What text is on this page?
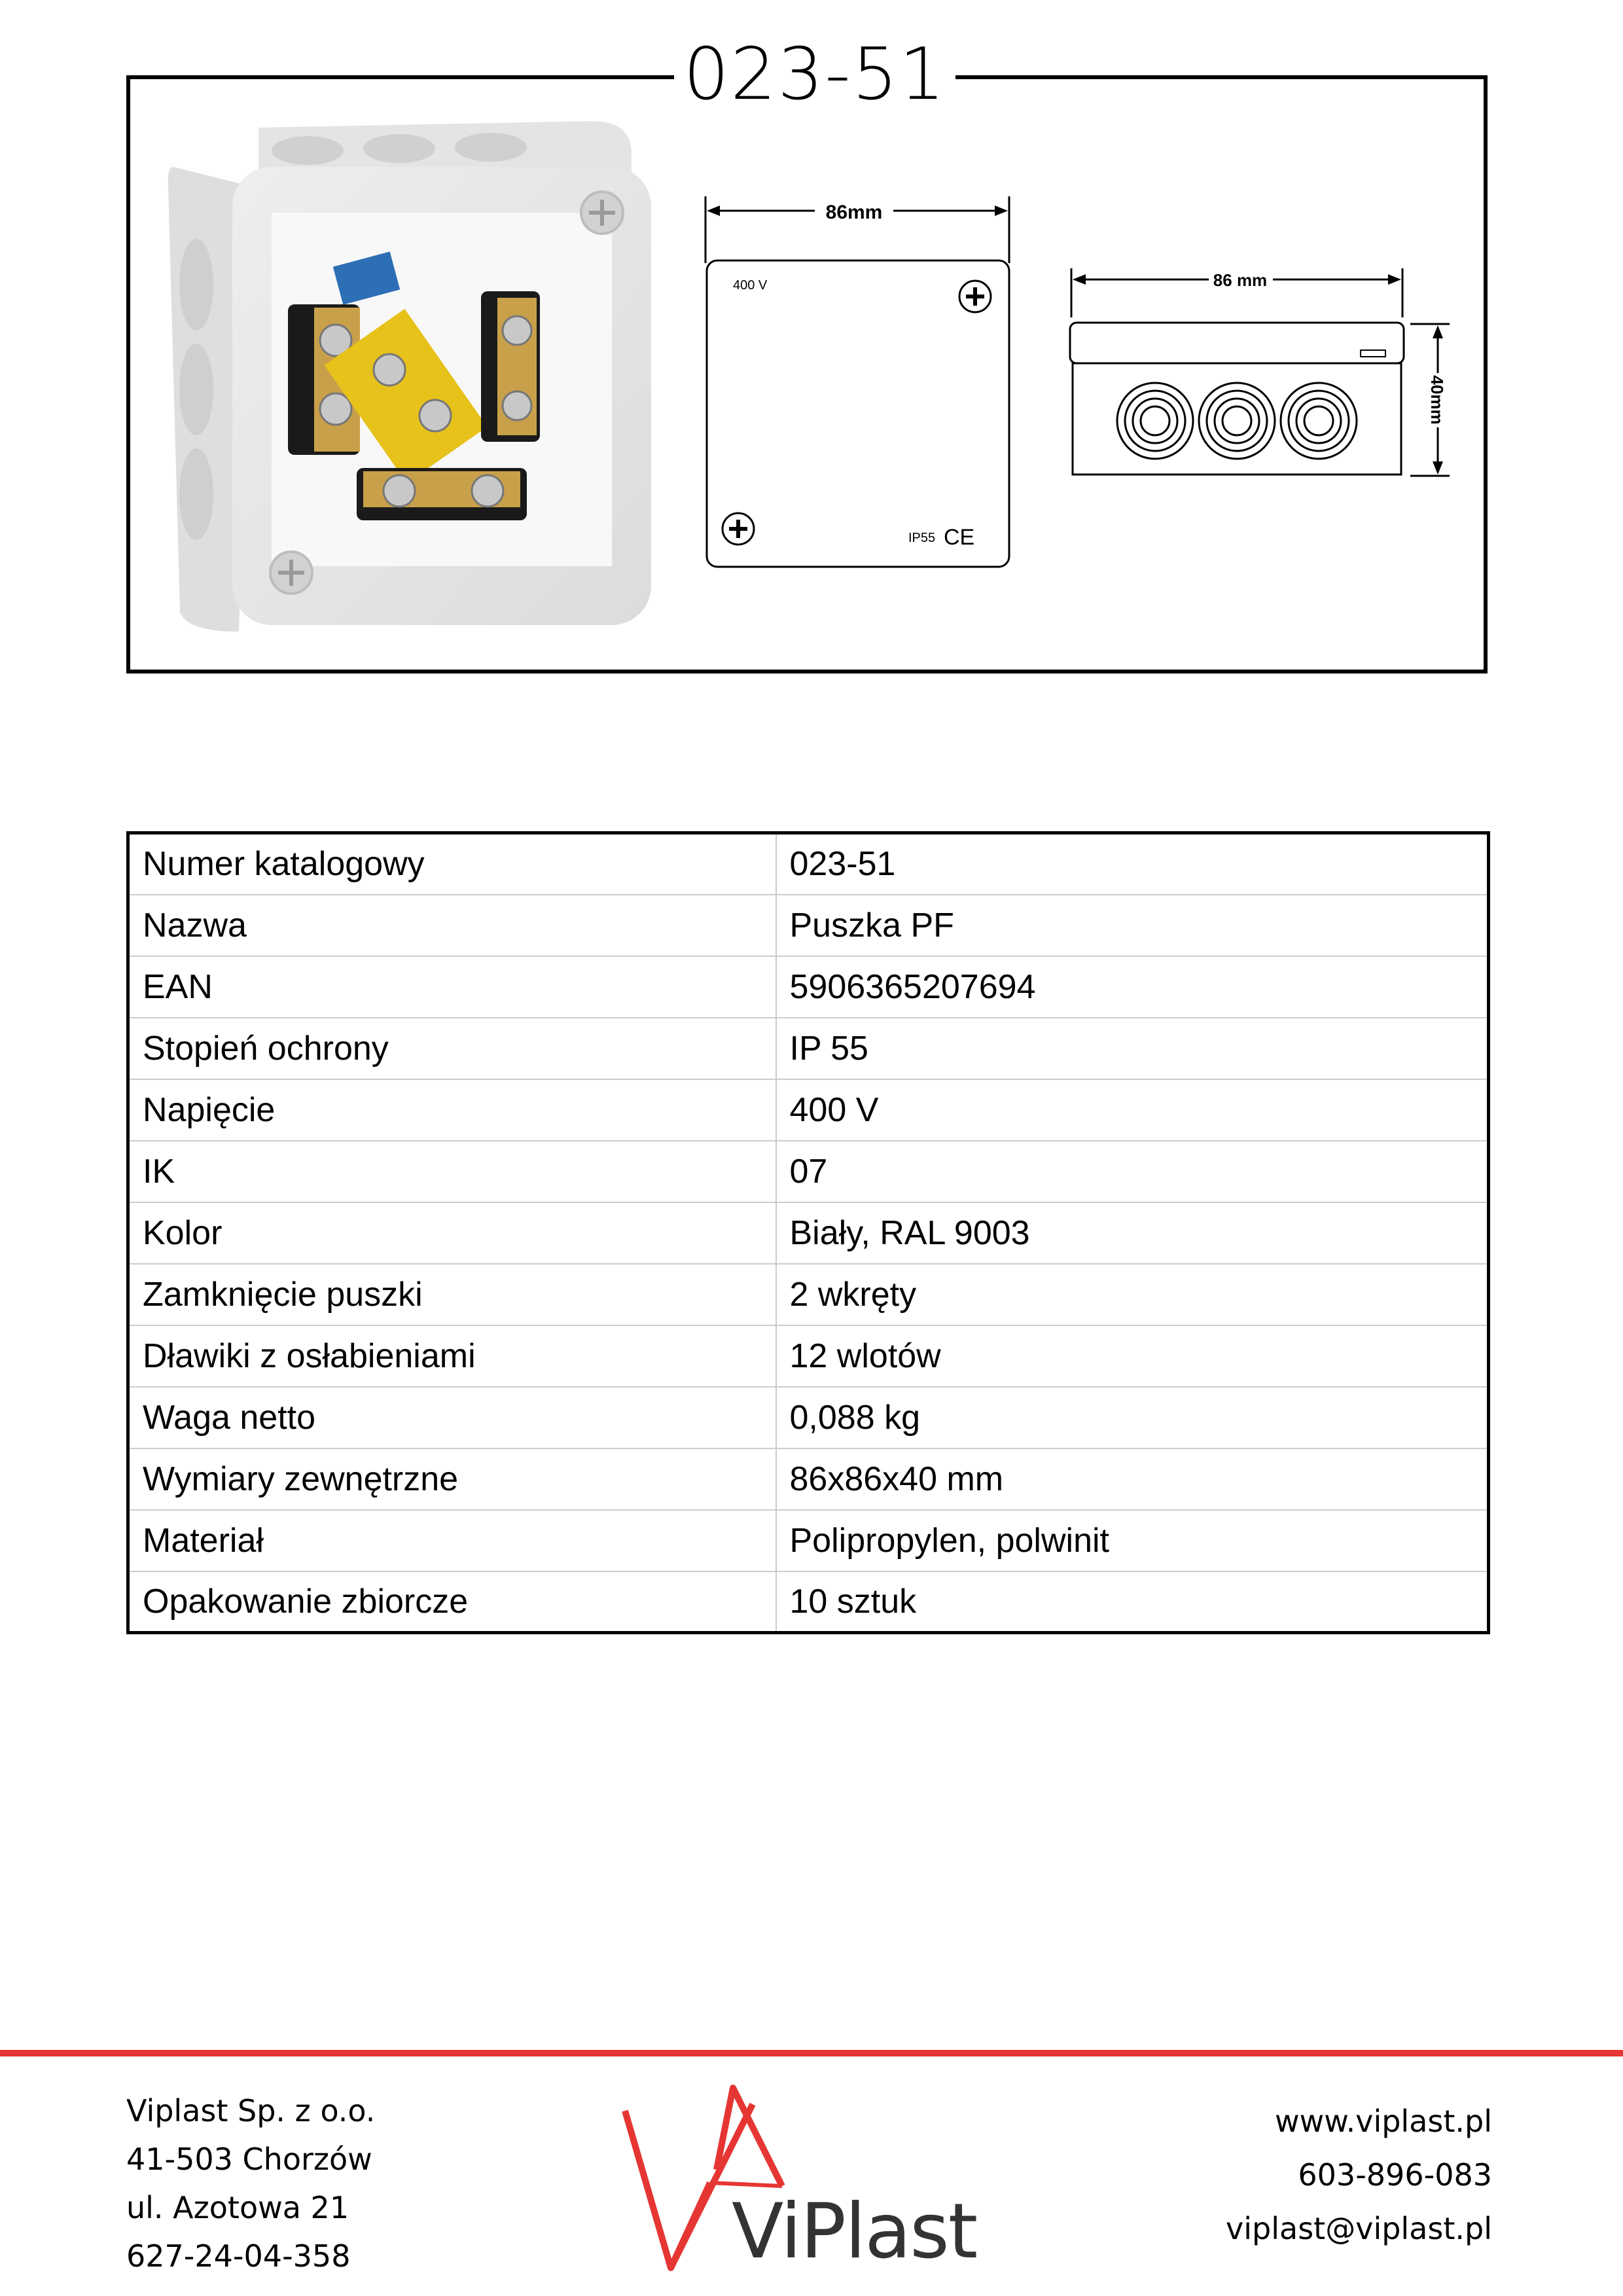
023-51
86mm
400 V
IP55 CE
86 mm
40mm
Numer katalogowy	023-51
Nazwa	Puszka PF
EAN	5906365207694
Stopień ochrony	IP 55
Napięcie	400 V
IK	07
Kolor	Biały, RAL 9003
Zamknięcie puszki	2 wkręty
Dławiki z osłabieniami	12 wlotów
Waga netto	0,088 kg
Wymiary zewnętrzne	86x86x40 mm
Materiał	Polipropylen, polwinit
Opakowanie zbiorcze	10 sztuk
Viplast Sp. z o.o.
41-503 Chorzów
ul. Azotowa 21
627-24-04-358	ViPlast
www.viplast.pl
603-896-083
viplast@viplast.pl
